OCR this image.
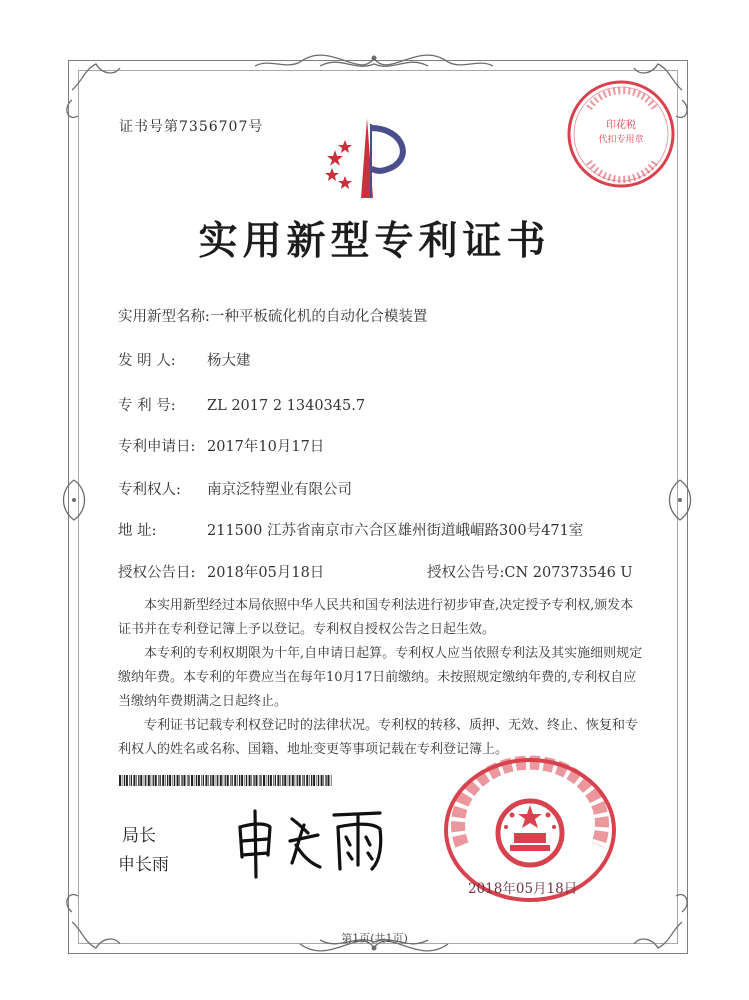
证书号第7356707号
实用新型专利证书
实用新型名称:一种平板硫化机的自动化合模装置
发 明 人: 杨大建
专 利 号: ZL 2017 2 1340345.7
专利申请日: 2017年10月17日
专利权人: 南京泛特塑业有限公司
地 址:	211500 江苏省南京市六合区雄州街道峨嵋路300号471室
授权公告日: 2018年05月18日	授权公告号:CN 207373546 U

本实用新型经过本局依照中华人民共和国专利法进行初步审查,决定授予专利权,颁发本证书并在专利登记簿上予以登记。专利权自授权公告之日起生效。

本专利的专利权期限为十年,自申请日起算。专利权人应当依照专利法及其实施细则规定缴纳年费。本专利的年费应当在每年10月17日前缴纳。未按照规定缴纳年费的,专利权自应当缴纳年费期满之日起终止。

专利证书记载专利权登记时的法律状况。专利权的转移、质押、无效、终止、恢复和专利权人的姓名或名称、国籍、地址变更等事项记载在专利登记簿上。

局长
申长雨
印花税
代扣专用章
2018年05月18日
第1页(共1页)
